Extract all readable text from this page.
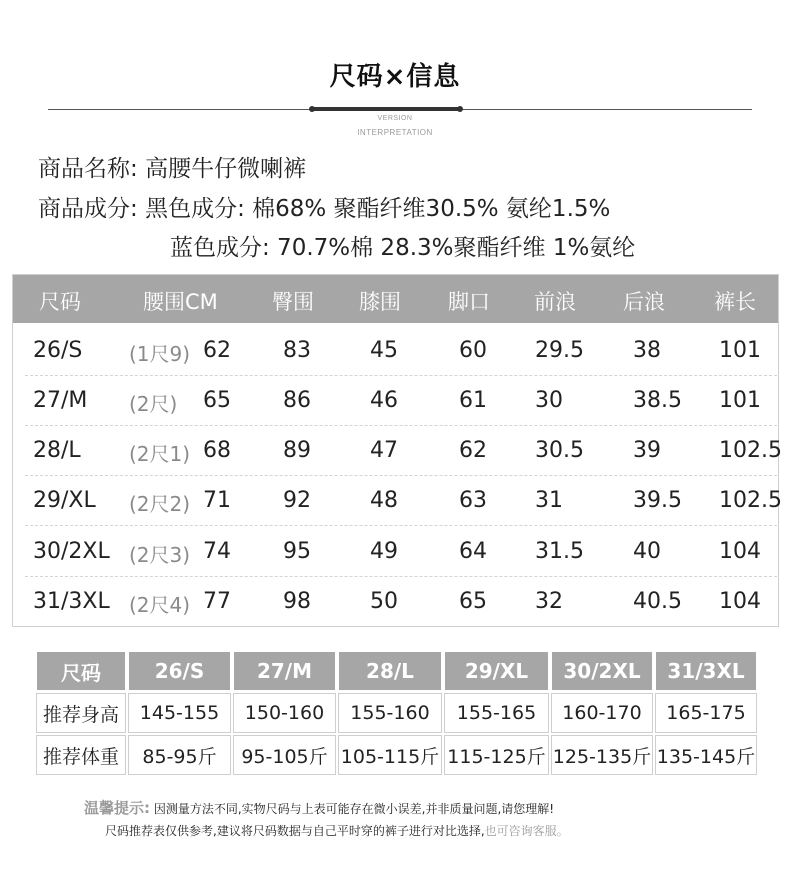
尺码×信息
VERSION
INTERPRETATION
商品名称: 高腰牛仔微喇裤
商品成分: 黑色成分: 棉68% 聚酯纤维30.5% 氨纶1.5%
蓝色成分: 70.7%棉 28.3%聚酯纤维 1%氨纶
尺码	腰围CM	臀围 膝围 脚口 前浪 后浪 裤长
26/S (1尺9) 62 83	45	60 29.5 38	101
27/M (2尺) 65 86	46	61 30	38.5 101
28/L (2尺1) 68 89	47	62 30.5 39	102.5
29/XL (2尺2) 71 92	48	63 31	39.5 102.5
30/2XL (2尺3) 74 95	49	64 31.5 40	104
31/3XL (2尺4) 77 98	50	65 32	40.5 104
尺码	26/S	27/M	28/L	29/XL	30/2XL	31/3XL
推荐身高	145-155	150-160	155-160	155-165	160-170	165-175
推荐体重	85-95斤	95-105斤 105-115斤 115-125斤 125-135斤 135-145斤
温馨提示: 因测量方法不同,实物尺码与上表可能存在微小误差,并非质量问题,请您理解!
尺码推荐表仅供参考,建议将尺码数据与自己平时穿的裤子进行对比选择,也可咨询客服。
